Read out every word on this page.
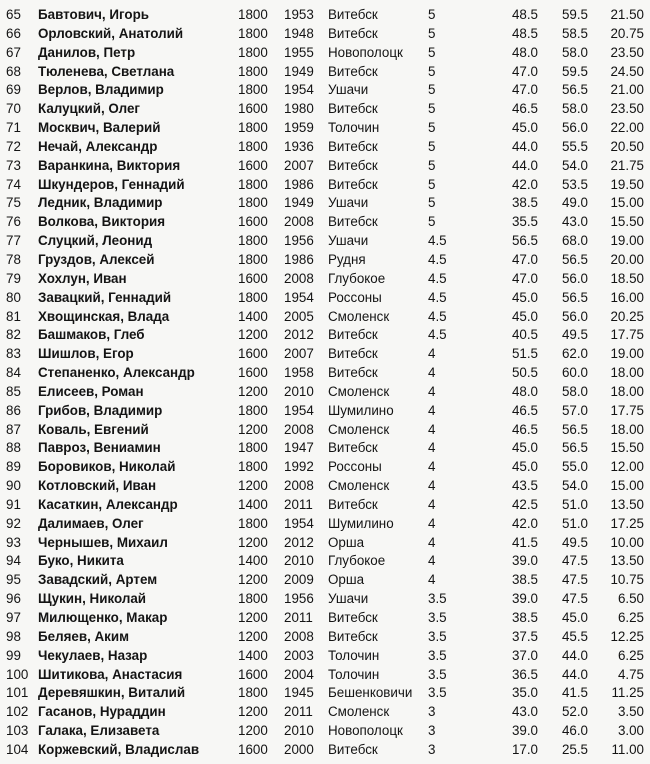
65 Бавтович, Игорь	1800 1953 Витебск	5	48.5 59.5 21.50
66 Орловский, Анатолий	1800 1948 Витебск	5	48.5 58.5 20.75
67 Данилов, Петр	1800 1955 Новополоцк 5	48.0 58.0 23.50
68 Тюленева, Светлана	1800 1949 Витебск	5	47.0 59.5 24.50
69 Верлов, Владимир	1800 1954 Ушачи	5	47.0 56.5 21.00
70 Калуцкий, Олег	1600 1980 Витебск	5	46.5 58.0 23.50
71 Москвич, Валерий	1800 1959 Толочин	5	45.0 56.0 22.00
72 Нечай, Александр	1800 1936 Витебск	5	44.0 55.5 20.50
73 Варанкина, Виктория	1600 2007 Витебск	5	44.0 54.0 21.75
74 Шкундеров, Геннадий	1800 1986 Витебск	5	42.0 53.5 19.50
75 Ледник, Владимир	1800 1949 Ушачи	5	38.5 49.0 15.00
76 Волкова, Виктория	1600 2008 Витебск	5	35.5 43.0 15.50
77 Слуцкий, Леонид	1800 1956 Ушачи	4.5	56.5 68.0 19.00
78 Груздов, Алексей	1800 1986 Рудня	4.5	47.0 56.5 20.00
79 Хохлун, Иван	1600 2008 Глубокое	4.5	47.0 56.0 18.50
80 Завацкий, Геннадий	1800 1954 Россоны	4.5	45.0 56.5 16.00
81 Хвощинская, Влада	1400 2005 Смоленск	4.5	45.0 56.0 20.25
82 Башмаков, Глеб	1200 2012 Витебск	4.5	40.5 49.5 17.75
83 Шишлов, Егор	1600 2007 Витебск	4	51.5 62.0 19.00
84 Степаненко, Александр	1600 1958 Витебск	4	50.5 60.0 18.00
85 Елисеев, Роман	1200 2010 Смоленск	4	48.0 58.0 18.00
86 Грибов, Владимир	1800 1954 Шумилино	4	46.5 57.0 17.75
87 Коваль, Евгений	1200 2008 Смоленск	4	46.5 56.5 18.00
88 Павроз, Вениамин	1800 1947 Витебск	4	45.0 56.5 15.50
89 Боровиков, Николай	1800 1992 Россоны	4	45.0 55.0 12.00
90 Котловский, Иван	1200 2008 Смоленск	4	43.5 54.0 15.00
91 Касаткин, Александр	1400 2011 Витебск	4	42.5 51.0 13.50
92 Далимаев, Олег	1800 1954 Шумилино	4	42.0 51.0 17.25
93 Чернышев, Михаил	1200 2012 Орша	4	41.5 49.5 10.00
94 Буко, Никита	1400 2010 Глубокое	4	39.0 47.5 13.50
95 Завадский, Артем	1200 2009 Орша	4	38.5 47.5 10.75
96 Щукин, Николай	1800 1956 Ушачи	3.5	39.0 47.5 6.50
97 Милющенко, Макар	1200 2011 Витебск	3.5	38.5 45.0 6.25
98 Беляев, Аким	1200 2008 Витебск	3.5	37.5 45.5 12.25
99 Чекулаев, Назар	1400 2003 Толочин	3.5	37.0 44.0 6.25
100 Шитикова, Анастасия	1600 2004 Толочин	3.5	36.5 44.0 4.75
101 Деревяшкин, Виталий	1800 1945 Бешенковичи 3.5	35.0 41.5 11.25
102 Гасанов, Нураддин	1200 2011 Смоленск	3	43.0 52.0 3.50
103 Галака, Елизавета	1200 2010 Новополоцк 3	39.0 46.0 3.00
104 Коржевский, Владислав	1600 2000 Витебск	3	17.0 25.5 11.00
